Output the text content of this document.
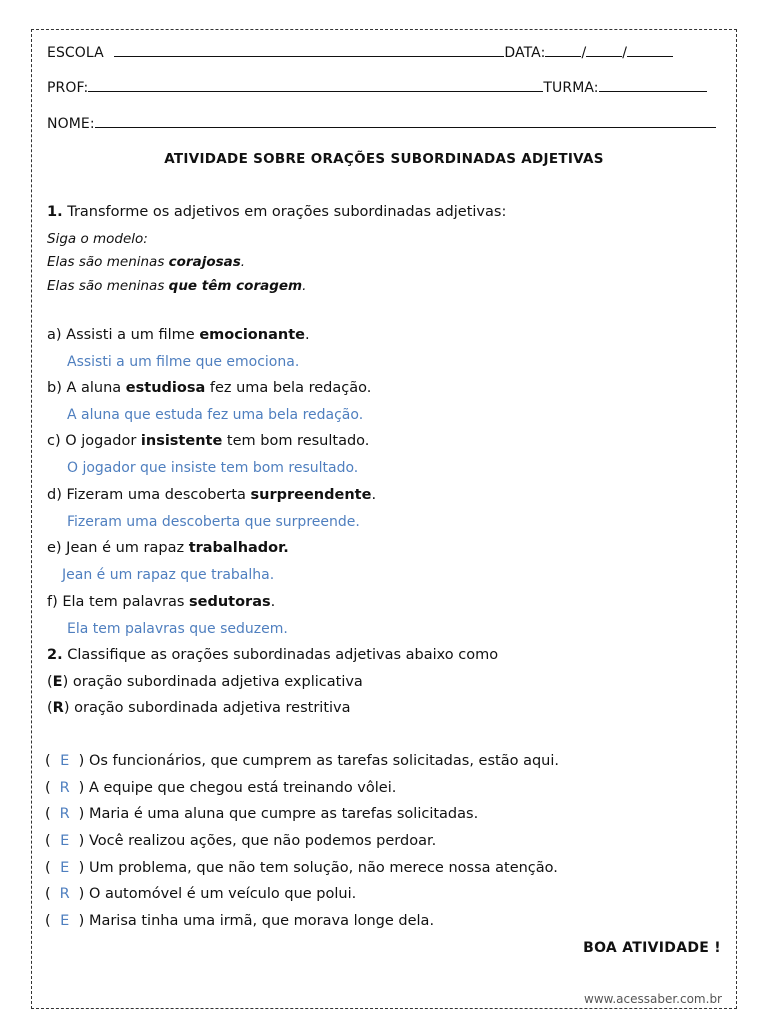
ESCOLA	DATA:	/	/
PROF:	TURMA:
NOME:
ATIVIDADE SOBRE ORAÇÕES SUBORDINADAS ADJETIVAS
1. Transforme os adjetivos em orações subordinadas adjetivas:
Siga o modelo:
Elas são meninas corajosas.
Elas são meninas que têm coragem.
a) Assisti a um filme emocionante.
Assisti a um filme que emociona.
b) A aluna estudiosa fez uma bela redação.
A aluna que estuda fez uma bela redação.
c) O jogador insistente tem bom resultado.
O jogador que insiste tem bom resultado.
d) Fizeram uma descoberta surpreendente.
Fizeram uma descoberta que surpreende.
e) Jean é um rapaz trabalhador.
Jean é um rapaz que trabalha.
f) Ela tem palavras sedutoras.
Ela tem palavras que seduzem.
2. Classifique as orações subordinadas adjetivas abaixo como
(E) oração subordinada adjetiva explicativa
(R) oração subordinada adjetiva restritiva
( E ) Os funcionários, que cumprem as tarefas solicitadas, estão aqui.
( R ) A equipe que chegou está treinando vôlei.
( R ) Maria é uma aluna que cumpre as tarefas solicitadas.
( E ) Você realizou ações, que não podemos perdoar.
( E ) Um problema, que não tem solução, não merece nossa atenção.
( R ) O automóvel é um veículo que polui.
( E ) Marisa tinha uma irmã, que morava longe dela.
BOA ATIVIDADE !
www.acessaber.com.br
